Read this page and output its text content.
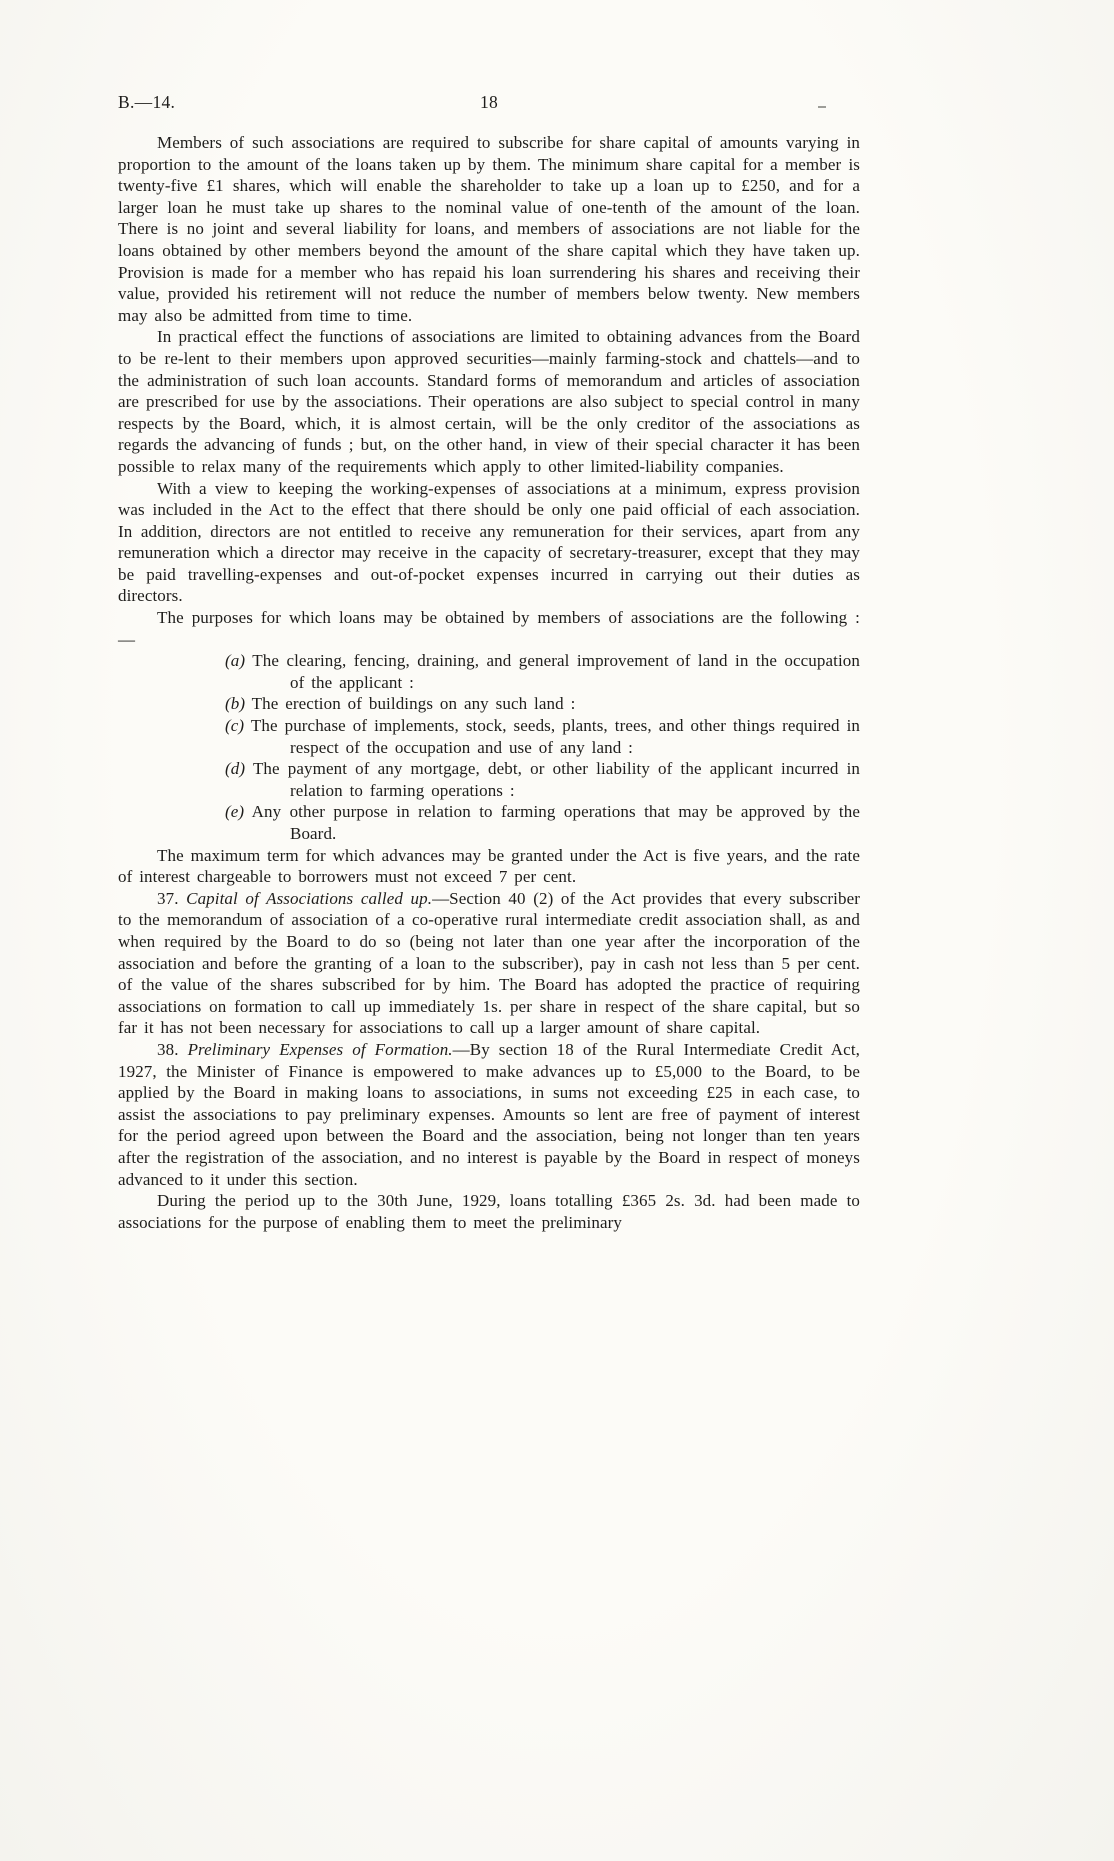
B.—14.	18

Members of such associations are required to subscribe for share capital of amounts varying in proportion to the amount of the loans taken up by them. The minimum share capital for a member is twenty-five £1 shares, which will enable the shareholder to take up a loan up to £250, and for a larger loan he must take up shares to the nominal value of one-tenth of the amount of the loan. There is no joint and several liability for loans, and members of associations are not liable for the loans obtained by other members beyond the amount of the share capital which they have taken up. Provision is made for a member who has repaid his loan surrendering his shares and receiving their value, provided his retirement will not reduce the number of members below twenty. New members may also be admitted from time to time.

In practical effect the functions of associations are limited to obtaining advances from the Board to be re-lent to their members upon approved securities—mainly farming-stock and chattels—and to the administration of such loan accounts. Standard forms of memorandum and articles of association are prescribed for use by the associations. Their operations are also subject to special control in many respects by the Board, which, it is almost certain, will be the only creditor of the associations as regards the advancing of funds ; but, on the other hand, in view of their special character it has been possible to relax many of the requirements which apply to other limited-liability companies.

With a view to keeping the working-expenses of associations at a minimum, express provision was included in the Act to the effect that there should be only one paid official of each association. In addition, directors are not entitled to receive any remuneration for their services, apart from any remuneration which a director may receive in the capacity of secretary-treasurer, except that they may be paid travelling-expenses and out-of-pocket expenses incurred in carrying out their duties as directors.

The purposes for which loans may be obtained by members of associations are the following :—

(a) The clearing, fencing, draining, and general improvement of land in the occupation of the applicant :
(b) The erection of buildings on any such land :
(c) The purchase of implements, stock, seeds, plants, trees, and other things required in respect of the occupation and use of any land :
(d) The payment of any mortgage, debt, or other liability of the applicant incurred in relation to farming operations :
(e) Any other purpose in relation to farming operations that may be approved by the Board.

The maximum term for which advances may be granted under the Act is five years, and the rate of interest chargeable to borrowers must not exceed 7 per cent.

37. Capital of Associations called up.—Section 40 (2) of the Act provides that every subscriber to the memorandum of association of a co-operative rural intermediate credit association shall, as and when required by the Board to do so (being not later than one year after the incorporation of the association and before the granting of a loan to the subscriber), pay in cash not less than 5 per cent. of the value of the shares subscribed for by him. The Board has adopted the practice of requiring associations on formation to call up immediately 1s. per share in respect of the share capital, but so far it has not been necessary for associations to call up a larger amount of share capital.

38. Preliminary Expenses of Formation.—By section 18 of the Rural Intermediate Credit Act, 1927, the Minister of Finance is empowered to make advances up to £5,000 to the Board, to be applied by the Board in making loans to associations, in sums not exceeding £25 in each case, to assist the associations to pay preliminary expenses. Amounts so lent are free of payment of interest for the period agreed upon between the Board and the association, being not longer than ten years after the registration of the association, and no interest is payable by the Board in respect of moneys advanced to it under this section.

During the period up to the 30th June, 1929, loans totalling £365 2s. 3d. had been made to associations for the purpose of enabling them to meet the preliminary
